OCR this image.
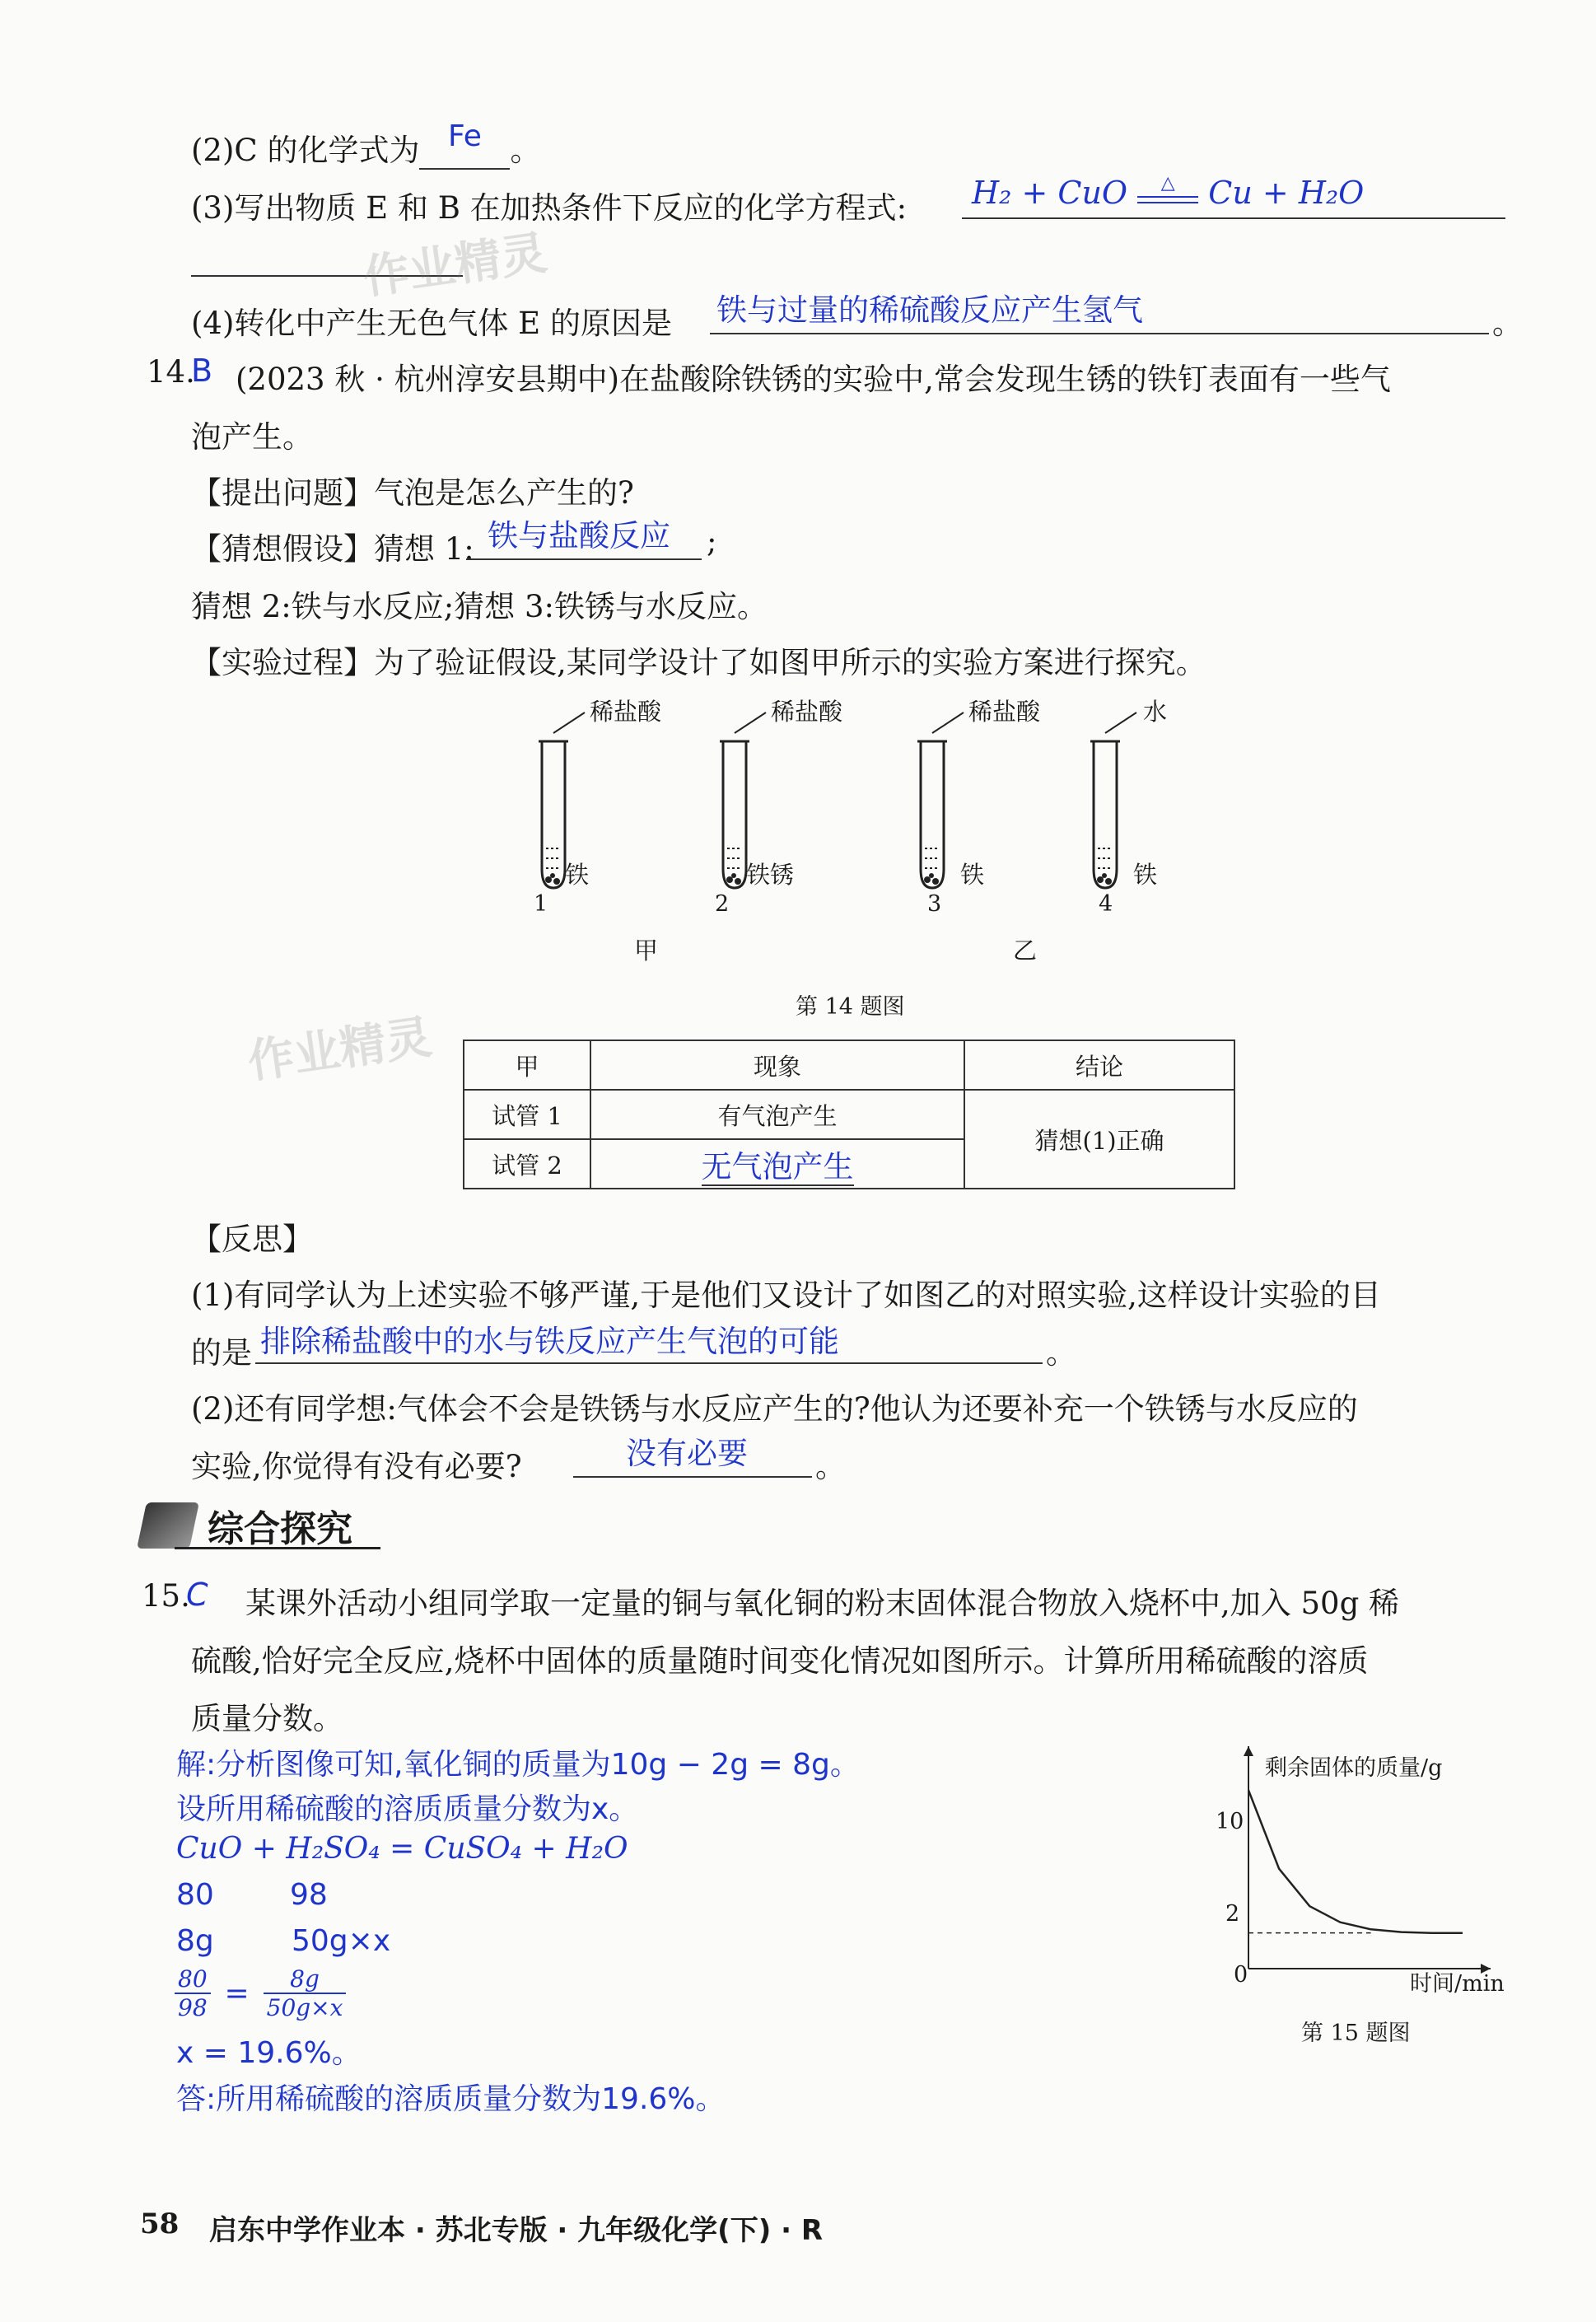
(2)C 的化学式为 Fe 。
(3)写出物质 E 和 B 在加热条件下反应的化学方程式: H₂ + CuO	△	Cu + H₂O
(4)转化中产生无色气体 E 的原因是 铁与过量的稀硫酸反应产生氢气	。
作业精灵
14.
B (2023 秋 · 杭州淳安县期中)在盐酸除铁锈的实验中,常会发现生锈的铁钉表面有一些气
泡产生。
【提出问题】气泡是怎么产生的?
【猜想假设】猜想 1: 铁与盐酸反应 ;
猜想 2:铁与水反应;猜想 3:铁锈与水反应。
【实验过程】为了验证假设,某同学设计了如图甲所示的实验方案进行探究。
稀盐酸	稀盐酸	稀盐酸	水
铁	铁锈	铁	铁
1	2	3	4
甲	乙
第 14 题图
作业精灵	甲	现象	结论
试管 1	有气泡产生	猜想(1)正确
试管 2	无气泡产生	
【反思】
(1)有同学认为上述实验不够严谨,于是他们又设计了如图乙的对照实验,这样设计实验的目
的是 排除稀盐酸中的水与铁反应产生气泡的可能	。
(2)还有同学想:气体会不会是铁锈与水反应产生的?他认为还要补充一个铁锈与水反应的
实验,你觉得有没有必要?	没有必要 。
综合探究
15.
C 某课外活动小组同学取一定量的铜与氧化铜的粉末固体混合物放入烧杯中,加入 50g 稀
硫酸,恰好完全反应,烧杯中固体的质量随时间变化情况如图所示。计算所用稀硫酸的溶质
质量分数。
解:分析图像可知,氧化铜的质量为10g − 2g = 8g。
设所用稀硫酸的溶质质量分数为x。
CuO + H₂SO₄ = CuSO₄ + H₂O
80	98
8g	50g×x
$\frac{80}{98} = \frac{8g}{50g\times x}$
x = 19.6%。
答:所用稀硫酸的溶质质量分数为19.6%。
剩余固体的质量/g
时间/min
0
10
2
第 15 题图
58 启东中学作业本 · 苏北专版 · 九年级化学(下) · R
